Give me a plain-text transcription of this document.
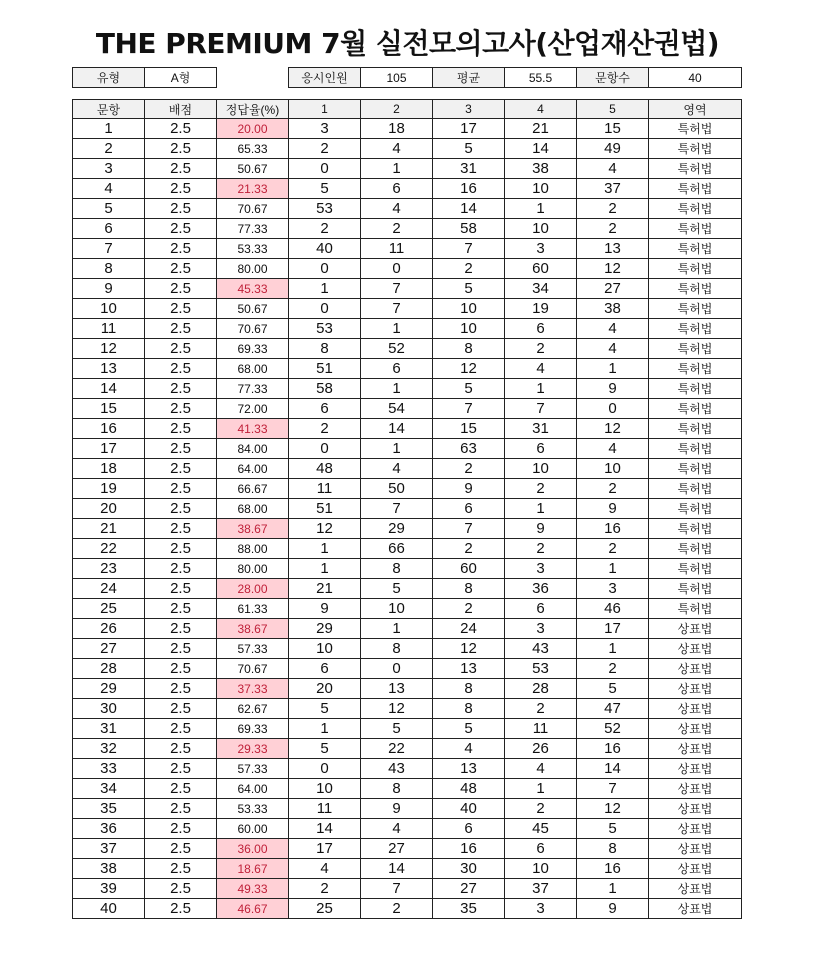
THE PREMIUM 7월 실전모의고사(산업재산권법)
유형	A형		응시인원	105	평균	55.5	문항수	40
문항	배점	정답율(%)	1	2	3	4	5	영역
1	2.5	20.00	3	18	17	21	15	특허법
2	2.5	65.33	2	4	5	14	49	특허법
3	2.5	50.67	0	1	31	38	4	특허법
4	2.5	21.33	5	6	16	10	37	특허법
5	2.5	70.67	53	4	14	1	2	특허법
6	2.5	77.33	2	2	58	10	2	특허법
7	2.5	53.33	40	11	7	3	13	특허법
8	2.5	80.00	0	0	2	60	12	특허법
9	2.5	45.33	1	7	5	34	27	특허법
10	2.5	50.67	0	7	10	19	38	특허법
11	2.5	70.67	53	1	10	6	4	특허법
12	2.5	69.33	8	52	8	2	4	특허법
13	2.5	68.00	51	6	12	4	1	특허법
14	2.5	77.33	58	1	5	1	9	특허법
15	2.5	72.00	6	54	7	7	0	특허법
16	2.5	41.33	2	14	15	31	12	특허법
17	2.5	84.00	0	1	63	6	4	특허법
18	2.5	64.00	48	4	2	10	10	특허법
19	2.5	66.67	11	50	9	2	2	특허법
20	2.5	68.00	51	7	6	1	9	특허법
21	2.5	38.67	12	29	7	9	16	특허법
22	2.5	88.00	1	66	2	2	2	특허법
23	2.5	80.00	1	8	60	3	1	특허법
24	2.5	28.00	21	5	8	36	3	특허법
25	2.5	61.33	9	10	2	6	46	특허법
26	2.5	38.67	29	1	24	3	17	상표법
27	2.5	57.33	10	8	12	43	1	상표법
28	2.5	70.67	6	0	13	53	2	상표법
29	2.5	37.33	20	13	8	28	5	상표법
30	2.5	62.67	5	12	8	2	47	상표법
31	2.5	69.33	1	5	5	11	52	상표법
32	2.5	29.33	5	22	4	26	16	상표법
33	2.5	57.33	0	43	13	4	14	상표법
34	2.5	64.00	10	8	48	1	7	상표법
35	2.5	53.33	11	9	40	2	12	상표법
36	2.5	60.00	14	4	6	45	5	상표법
37	2.5	36.00	17	27	16	6	8	상표법
38	2.5	18.67	4	14	30	10	16	상표법
39	2.5	49.33	2	7	27	37	1	상표법
40	2.5	46.67	25	2	35	3	9	상표법
